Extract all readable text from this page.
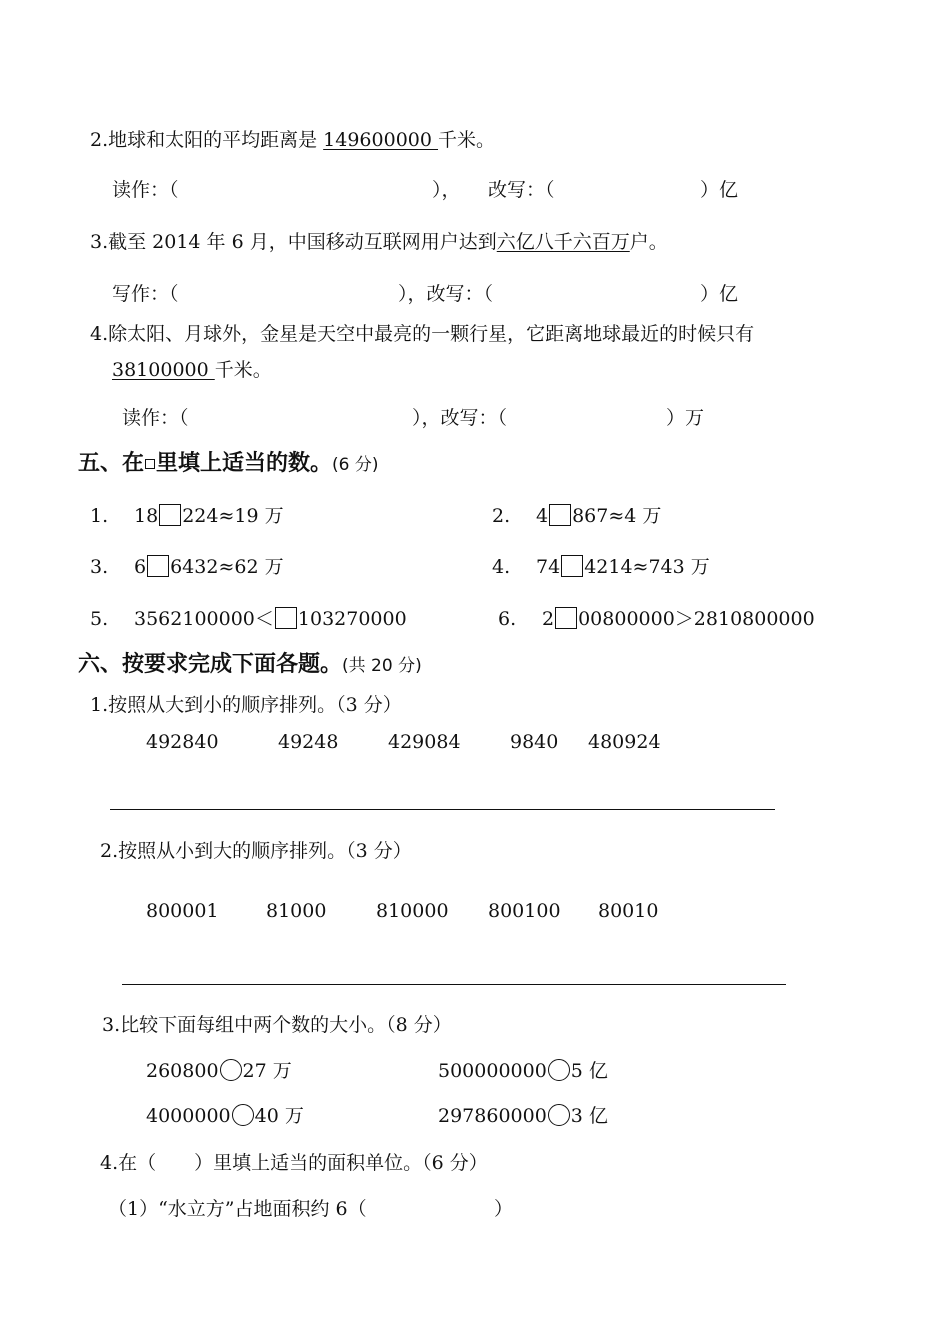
2.地球和太阳的平均距离是 149600000 千米。
读作：（	）， 改写：（	）亿
3.截至 2014 年 6 月，中国移动互联网用户达到六亿八千六百万户。
写作：（	），改写：（	）亿
4.除太阳、月球外，金星是天空中最亮的一颗行星，它距离地球最近的时候只有
38100000 千米。
读作：（	），改写：（	）万
五、在 里填上适当的数。(6 分)
1. 18 224≈19 万	2. 4 867≈4 万
3. 6 6432≈62 万	4. 74 4214≈743 万
5. 3562100000＜ 103270000	6. 2 00800000＞2810800000
六、按要求完成下面各题。(共 20 分)
1.按照从大到小的顺序排列。（3 分）
492840	49248	429084	9840 480924
2.按照从小到大的顺序排列。（3 分）
800001 81000	810000 800100 80010
3.比较下面每组中两个数的大小。（8 分）
260800 27 万	500000000 5 亿
4000000 40 万	297860000 3 亿
4.在（　　）里填上适当的面积单位。（6 分）
（1）“水立方”占地面积约 6（	）
